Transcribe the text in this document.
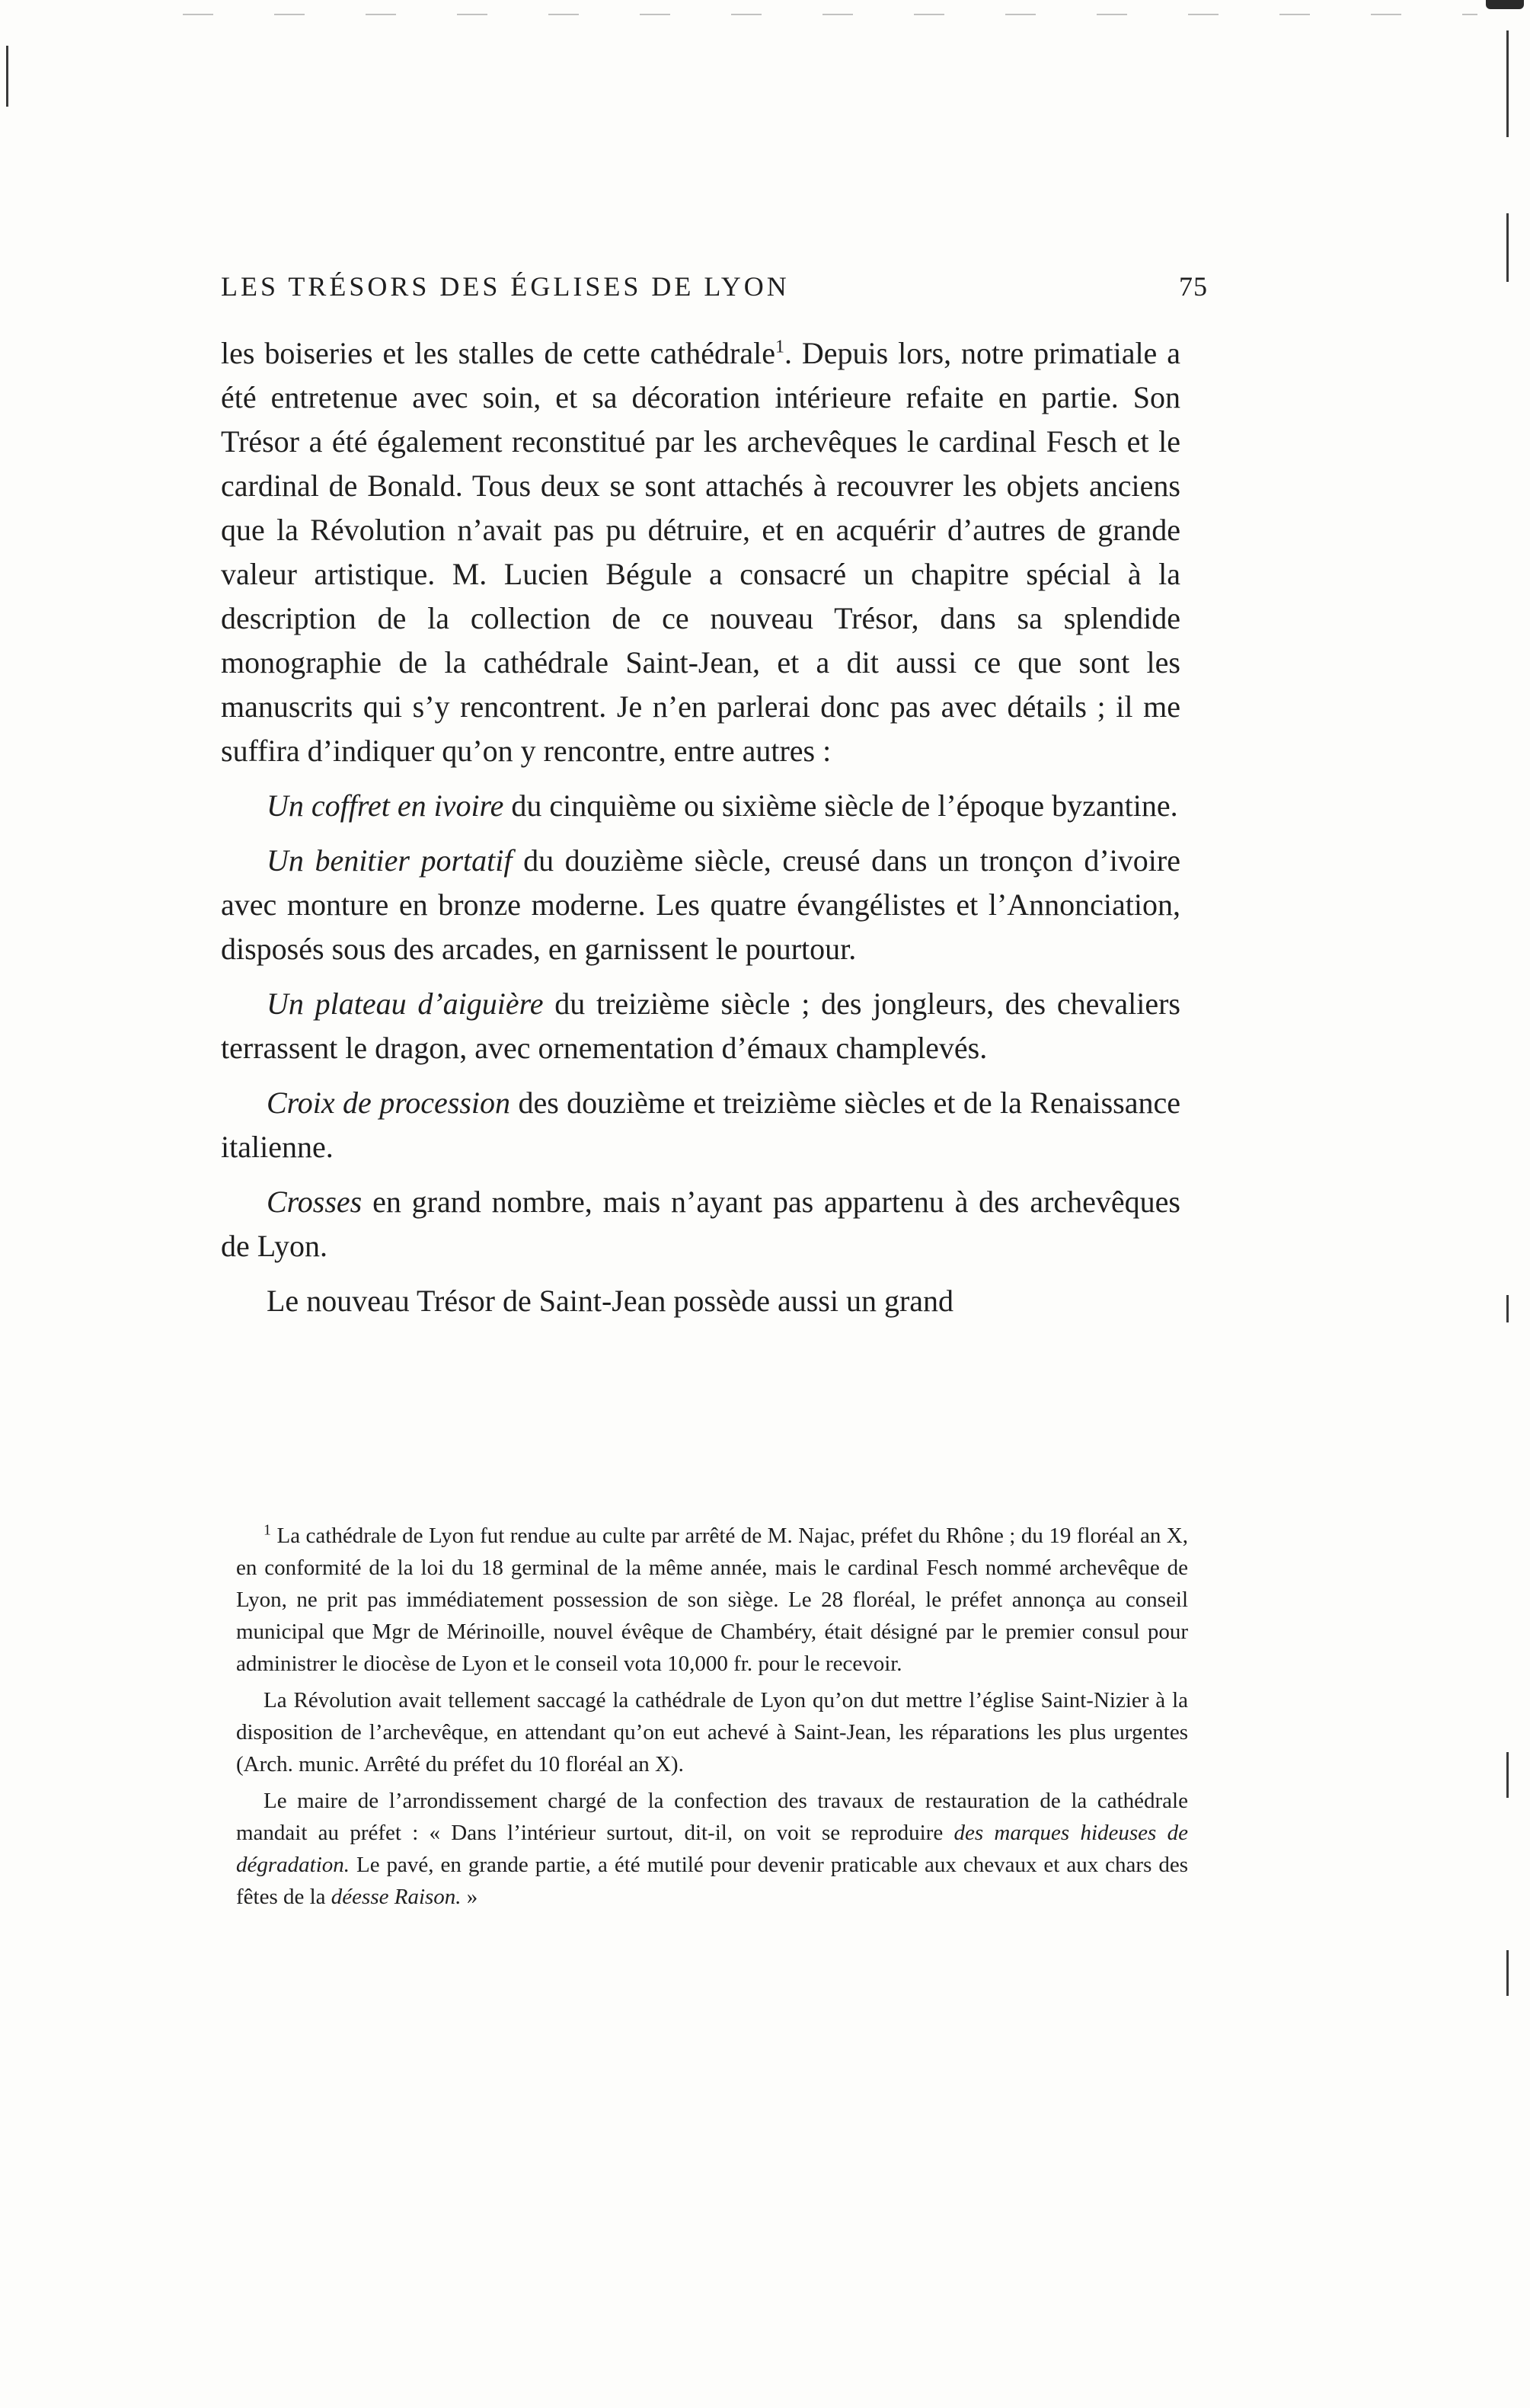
LES TRÉSORS DES ÉGLISES DE LYON	75

les boiseries et les stalles de cette cathédrale$^1$. Depuis lors, notre primatiale a été entretenue avec soin, et sa décoration intérieure refaite en partie. Son Trésor a été également reconstitué par les archevêques le cardinal Fesch et le cardinal de Bonald. Tous deux se sont attachés à recouvrer les objets anciens que la Révolution n’avait pas pu détruire, et en acquérir d’autres de grande valeur artistique. M. Lucien Bégule a consacré un chapitre spécial à la description de la collection de ce nouveau Trésor, dans sa splendide monographie de la cathédrale Saint-Jean, et a dit aussi ce que sont les manuscrits qui s’y rencontrent. Je n’en parlerai donc pas avec détails ; il me suffira d’indiquer qu’on y rencontre, entre autres :

Un coffret en ivoire du cinquième ou sixième siècle de l’époque byzantine.

Un benitier portatif du douzième siècle, creusé dans un tronçon d’ivoire avec monture en bronze moderne. Les quatre évangélistes et l’Annonciation, disposés sous des arcades, en garnissent le pourtour.

Un plateau d’aiguière du treizième siècle ; des jongleurs, des chevaliers terrassent le dragon, avec ornementation d’émaux champlevés.

Croix de procession des douzième et treizième siècles et de la Renaissance italienne.

Crosses en grand nombre, mais n’ayant pas appartenu à des archevêques de Lyon.

Le nouveau Trésor de Saint-Jean possède aussi un grand

$^1$ La cathédrale de Lyon fut rendue au culte par arrêté de M. Najac, préfet du Rhône ; du 19 floréal an X, en conformité de la loi du 18 germinal de la même année, mais le cardinal Fesch nommé archevêque de Lyon, ne prit pas immédiatement possession de son siège. Le 28 floréal, le préfet annonça au conseil municipal que Mgr de Mérinoille, nouvel évêque de Chambéry, était désigné par le premier consul pour administrer le diocèse de Lyon et le conseil vota 10,000 fr. pour le recevoir.

La Révolution avait tellement saccagé la cathédrale de Lyon qu’on dut mettre l’église Saint-Nizier à la disposition de l’archevêque, en attendant qu’on eut achevé à Saint-Jean, les réparations les plus urgentes (Arch. munic. Arrêté du préfet du 10 floréal an X).

Le maire de l’arrondissement chargé de la confection des travaux de restauration de la cathédrale mandait au préfet : « Dans l’intérieur surtout, dit-il, on voit se reproduire des marques hideuses de dégradation. Le pavé, en grande partie, a été mutilé pour devenir praticable aux chevaux et aux chars des fêtes de la déesse Raison. »
